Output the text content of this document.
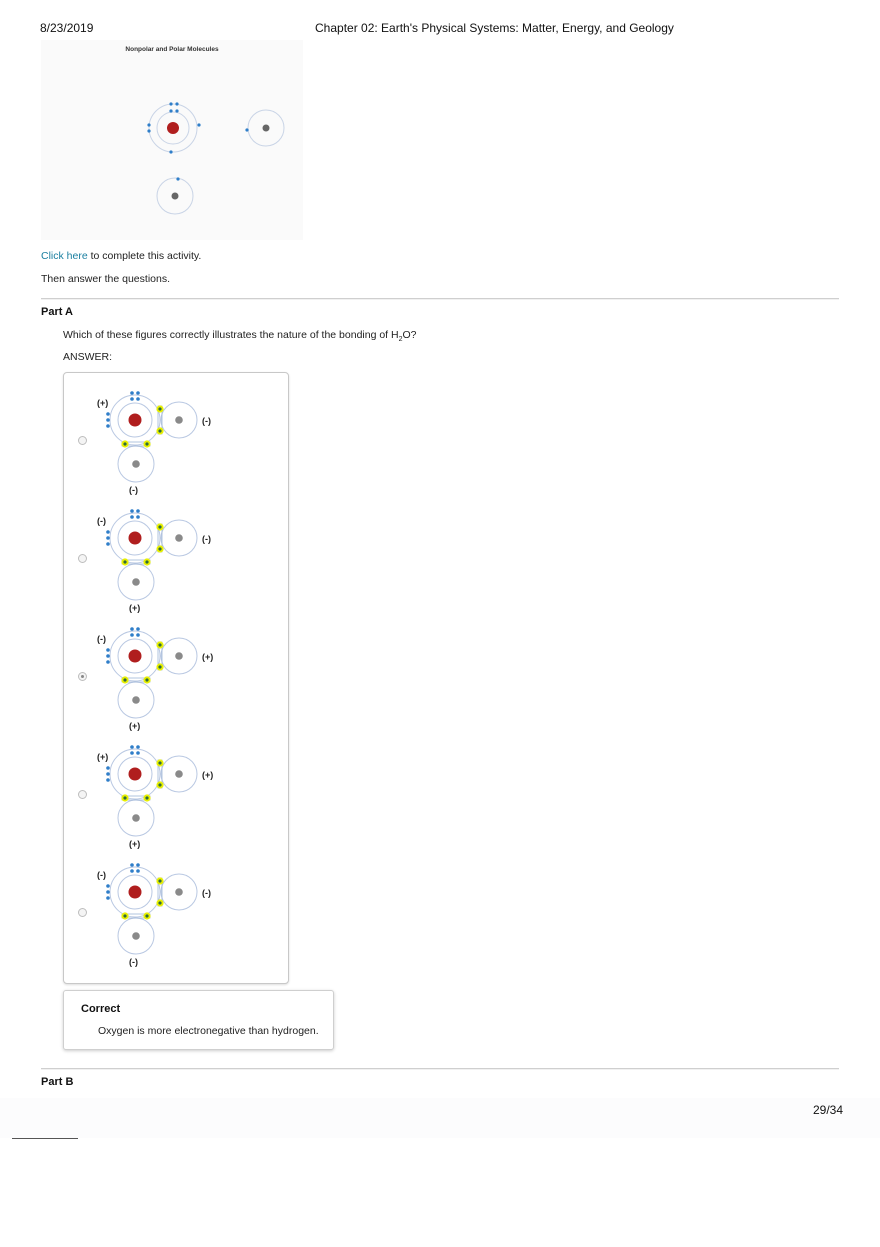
8/23/2019	Chapter 02: Earth's Physical Systems: Matter, Energy, and Geology
Nonpolar and Polar Molecules
Click here to complete this activity.
Then answer the questions.
Part A
Which of these figures correctly illustrates the nature of the bonding of $H_2O$?
ANSWER:
(+)
(-)
(-)
(-)
(-)
(+)
(-)
(+)
(+)
(+)
(+)
(+)
(-)
(-)
(-)
Correct
Oxygen is more electronegative than hydrogen.
Part B
29/34
